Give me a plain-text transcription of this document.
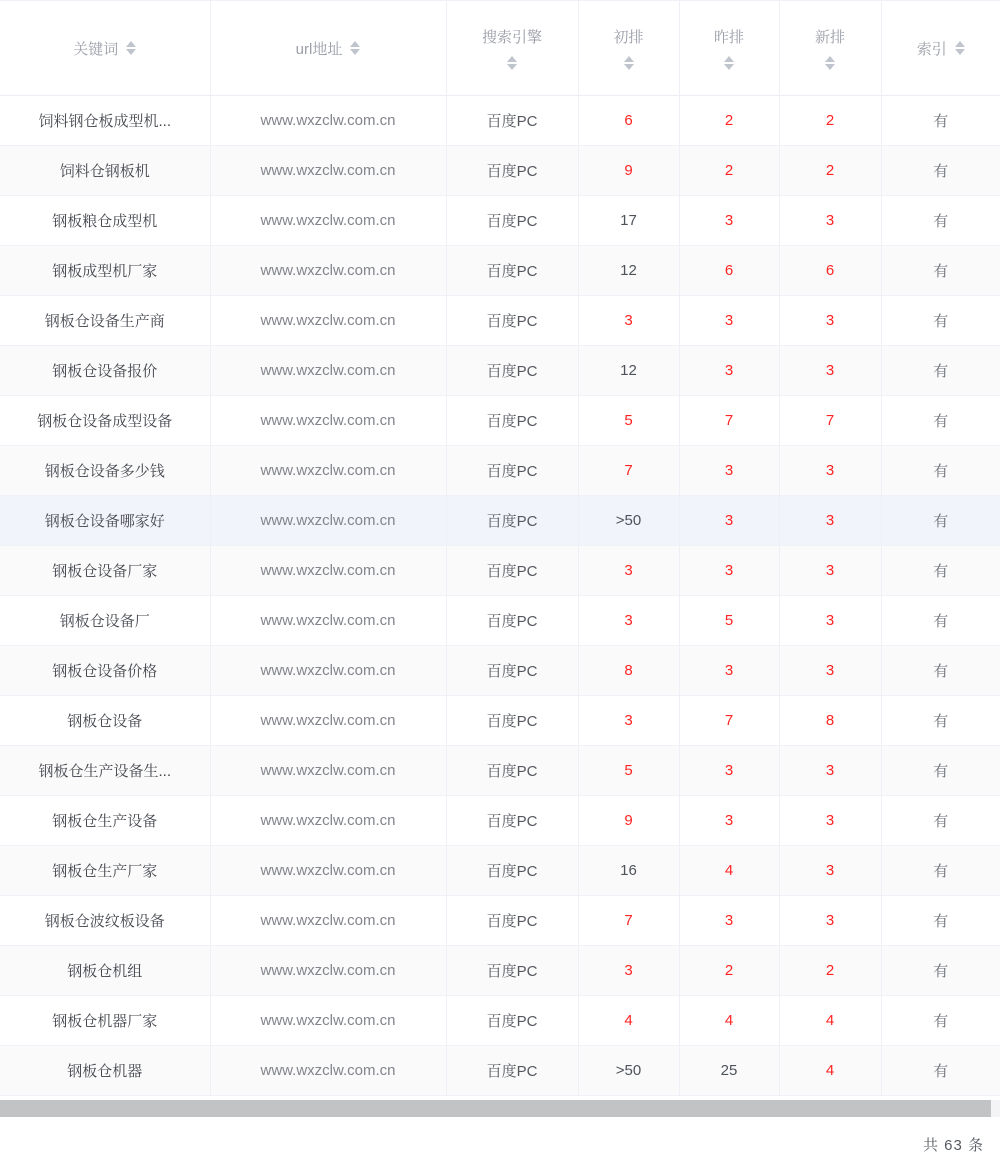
关键词	url地址	搜索引擎	初排	昨排	新排	索引

饲料钢仓板成型机...	www.wxzclw.com.cn	百度PC	6	2	2	有
饲料仓钢板机	www.wxzclw.com.cn	百度PC	9	2	2	有
钢板粮仓成型机	www.wxzclw.com.cn	百度PC	17	3	3	有
钢板成型机厂家	www.wxzclw.com.cn	百度PC	12	6	6	有
钢板仓设备生产商	www.wxzclw.com.cn	百度PC	3	3	3	有
钢板仓设备报价	www.wxzclw.com.cn	百度PC	12	3	3	有
钢板仓设备成型设备	www.wxzclw.com.cn	百度PC	5	7	7	有
钢板仓设备多少钱	www.wxzclw.com.cn	百度PC	7	3	3	有
钢板仓设备哪家好	www.wxzclw.com.cn	百度PC	>50	3	3	有
钢板仓设备厂家	www.wxzclw.com.cn	百度PC	3	3	3	有
钢板仓设备厂	www.wxzclw.com.cn	百度PC	3	5	3	有
钢板仓设备价格	www.wxzclw.com.cn	百度PC	8	3	3	有
钢板仓设备	www.wxzclw.com.cn	百度PC	3	7	8	有
钢板仓生产设备生...	www.wxzclw.com.cn	百度PC	5	3	3	有
钢板仓生产设备	www.wxzclw.com.cn	百度PC	9	3	3	有
钢板仓生产厂家	www.wxzclw.com.cn	百度PC	16	4	3	有
钢板仓波纹板设备	www.wxzclw.com.cn	百度PC	7	3	3	有
钢板仓机组	www.wxzclw.com.cn	百度PC	3	2	2	有
钢板仓机器厂家	www.wxzclw.com.cn	百度PC	4	4	4	有
钢板仓机器	www.wxzclw.com.cn	百度PC	>50	25	4	有
共 63 条
